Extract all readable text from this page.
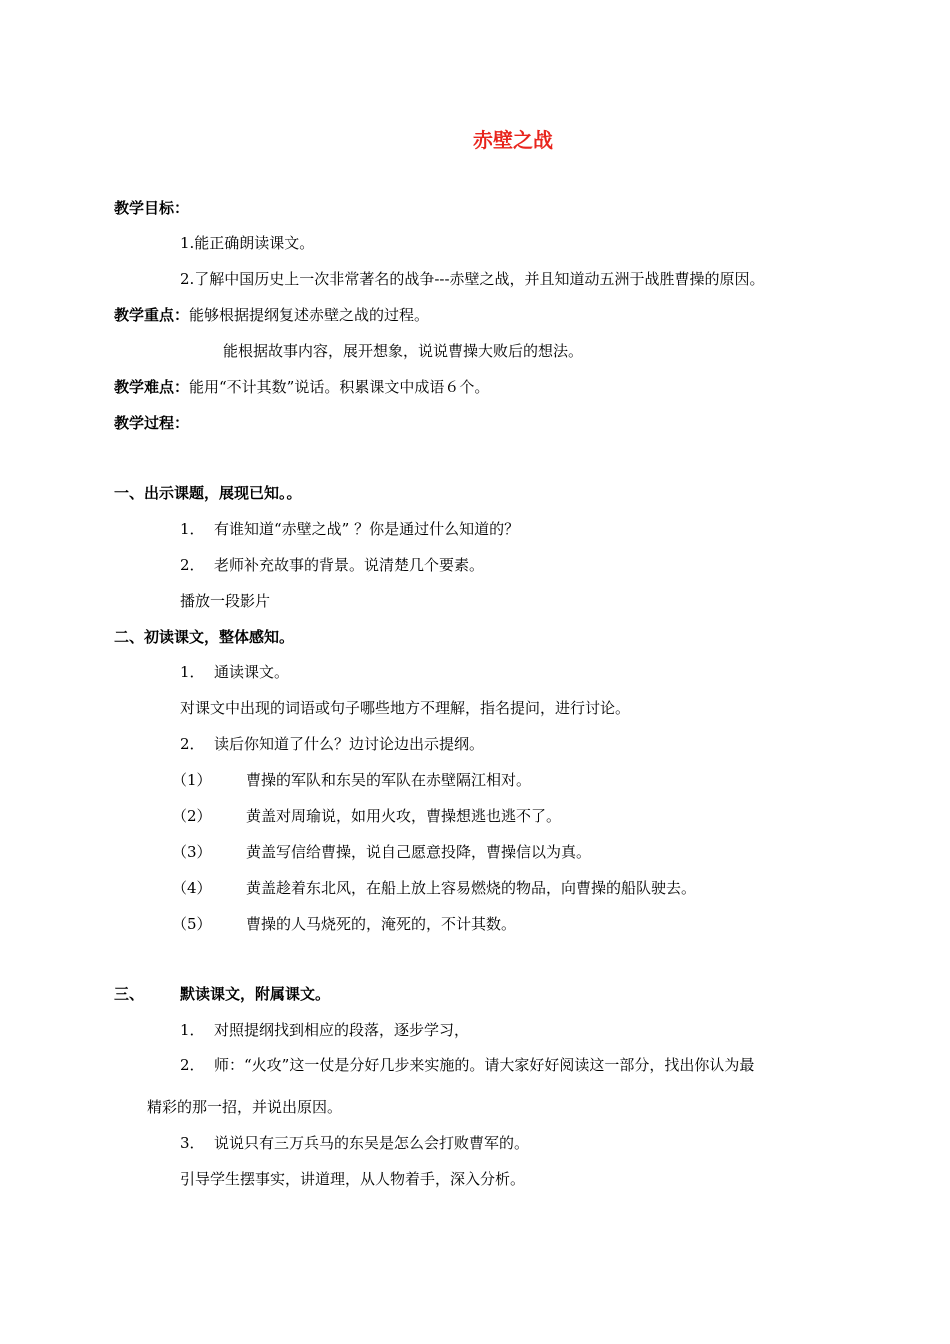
赤壁之战
教学目标：
1.能正确朗读课文。
2.了解中国历史上一次非常著名的战争---赤壁之战，并且知道动五洲于战胜曹操的原因。
教学重点：能够根据提纲复述赤壁之战的过程。
能根据故事内容，展开想象，说说曹操大败后的想法。
教学难点：能用“不计其数”说话。积累课文中成语６个。
教学过程：
一、出示课题，展现已知。。
1． 有谁知道“赤壁之战” ？你是通过什么知道的？
2． 老师补充故事的背景。说清楚几个要素。
播放一段影片
二、初读课文，整体感知。
1． 通读课文。
对课文中出现的词语或句子哪些地方不理解，指名提问，进行讨论。
2． 读后你知道了什么？边讨论边出示提纲。
（1） 曹操的军队和东吴的军队在赤壁隔江相对。
（2） 黄盖对周瑜说，如用火攻，曹操想逃也逃不了。
（3） 黄盖写信给曹操，说自己愿意投降，曹操信以为真。
（4） 黄盖趁着东北风，在船上放上容易燃烧的物品，向曹操的船队驶去。
（5） 曹操的人马烧死的，淹死的，不计其数。
三、 默读课文，附属课文。
1． 对照提纲找到相应的段落，逐步学习，
2． 师：“火攻”这一仗是分好几步来实施的。请大家好好阅读这一部分，找出你认为最
精彩的那一招，并说出原因。
3． 说说只有三万兵马的东吴是怎么会打败曹军的。
引导学生摆事实，讲道理，从人物着手，深入分析。
